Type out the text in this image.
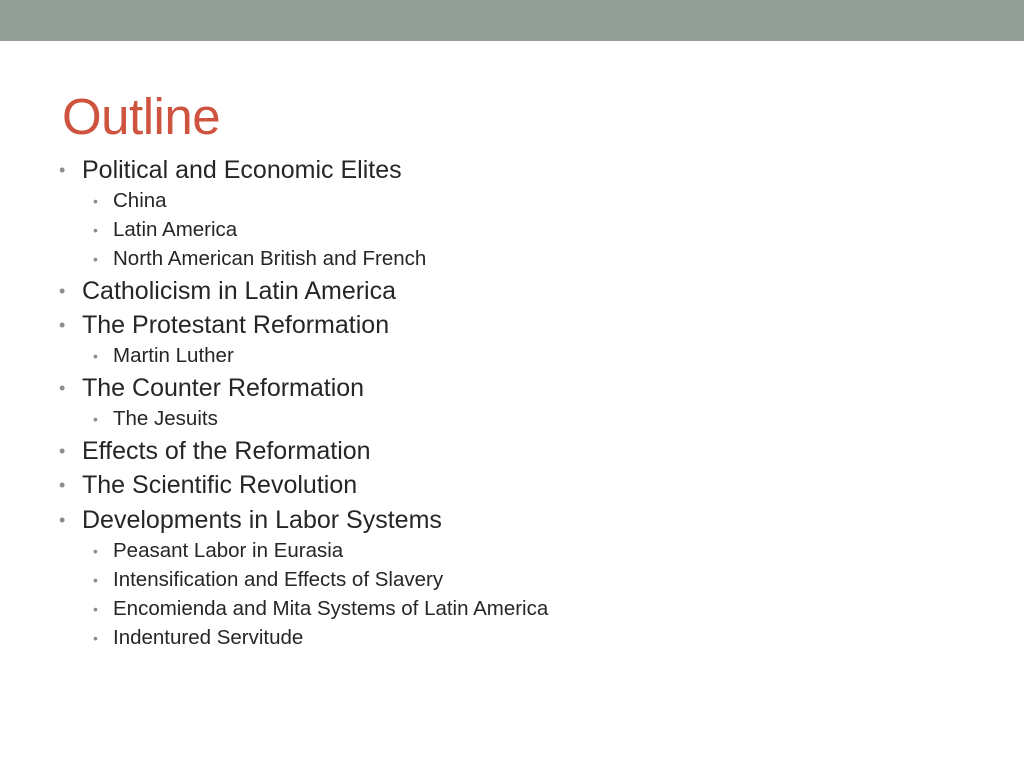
Outline
• Political and Economic Elites
• China
• Latin America
• North American British and French
• Catholicism in Latin America
• The Protestant Reformation
• Martin Luther
• The Counter Reformation
• The Jesuits
• Effects of the Reformation
• The Scientific Revolution
• Developments in Labor Systems
• Peasant Labor in Eurasia
• Intensification and Effects of Slavery
• Encomienda and Mita Systems of Latin America
• Indentured Servitude
